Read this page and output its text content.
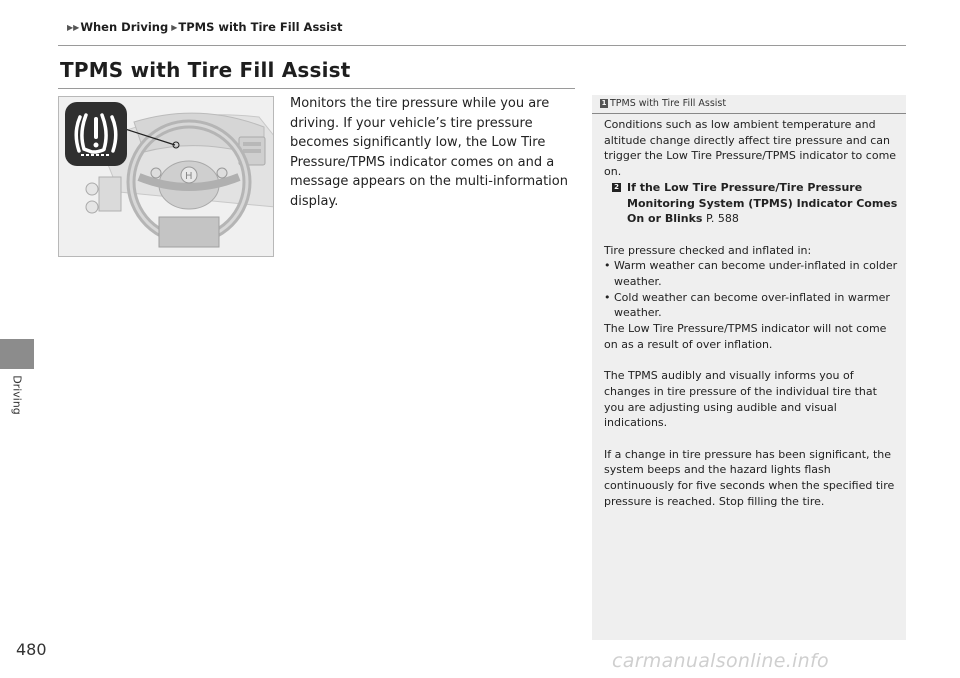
▶▶ When Driving ▶ TPMS with Tire Fill Assist
Driving
480
TPMS with Tire Fill Assist
H
Monitors the tire pressure while you are driving. If your vehicle’s tire pressure becomes significantly low, the Low Tire Pressure/TPMS indicator comes on and a message appears on the multi-information display.
1 TPMS with Tire Fill Assist

Conditions such as low ambient temperature and altitude change directly affect tire pressure and can trigger the Low Tire Pressure/TPMS indicator to come on.

2 If the Low Tire Pressure/Tire Pressure Monitoring System (TPMS) Indicator Comes On or Blinks P. 588

Tire pressure checked and inflated in:

• Warm weather can become under-inflated in colder weather.
• Cold weather can become over-inflated in warmer weather.

The Low Tire Pressure/TPMS indicator will not come on as a result of over inflation.

The TPMS audibly and visually informs you of changes in tire pressure of the individual tire that you are adjusting using audible and visual indications.

If a change in tire pressure has been significant, the system beeps and the hazard lights flash continuously for five seconds when the specified tire pressure is reached. Stop filling the tire.

carmanualsonline.info
